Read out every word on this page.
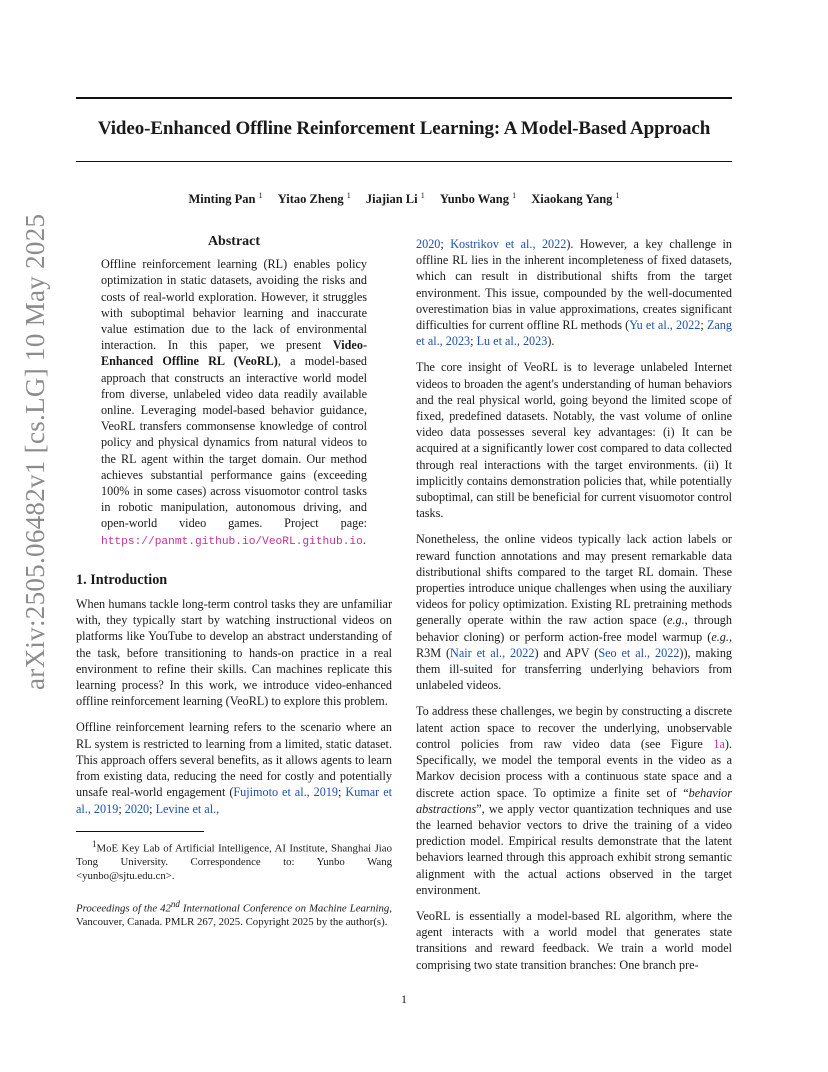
Video-Enhanced Offline Reinforcement Learning: A Model-Based Approach
Minting Pan $^1$ Yitao Zheng $^1$ Jiajian Li $^1$ Yunbo Wang $^1$ Xiaokang Yang $^1$
arXiv:2505.06482v1 [cs.LG] 10 May 2025	Abstract
Offline reinforcement learning (RL) enables policy optimization in static datasets, avoiding the risks and costs of real-world exploration. However, it struggles with suboptimal behavior learning and inaccurate value estimation due to the lack of environmental interaction. In this paper, we present Video-Enhanced Offline RL (VeoRL), a model-based approach that constructs an interactive world model from diverse, unlabeled video data readily available online. Leveraging model-based behavior guidance, VeoRL transfers commonsense knowledge of control policy and physical dynamics from natural videos to the RL agent within the target domain. Our method achieves substantial performance gains (exceeding 100% in some cases) across visuomotor control tasks in robotic manipulation, autonomous driving, and open-world video games. Project page: https://panmt.github.io/VeoRL.github.io.
1. Introduction

When humans tackle long-term control tasks they are unfamiliar with, they typically start by watching instructional videos on platforms like YouTube to develop an abstract understanding of the task, before transitioning to hands-on practice in a real environment to refine their skills. Can machines replicate this learning process? In this work, we introduce video-enhanced offline reinforcement learning (VeoRL) to explore this problem.

Offline reinforcement learning refers to the scenario where an RL system is restricted to learning from a limited, static dataset. This approach offers several benefits, as it allows agents to learn from existing data, reducing the need for costly and potentially unsafe real-world engagement (Fujimoto et al., 2019; Kumar et al., 2019; 2020; Levine et al.,

$^1$MoE Key Lab of Artificial Intelligence, AI Institute, Shanghai Jiao Tong University. Correspondence to: Yunbo Wang <yunbo@sjtu.edu.cn>.
Proceedings of the 42nd International Conference on Machine Learning, Vancouver, Canada. PMLR 267, 2025. Copyright 2025 by the author(s).

2020; Kostrikov et al., 2022). However, a key challenge in offline RL lies in the inherent incompleteness of fixed datasets, which can result in distributional shifts from the target environment. This issue, compounded by the well-documented overestimation bias in value approximations, creates significant difficulties for current offline RL methods (Yu et al., 2022; Zang et al., 2023; Lu et al., 2023).

The core insight of VeoRL is to leverage unlabeled Internet videos to broaden the agent's understanding of human behaviors and the real physical world, going beyond the limited scope of fixed, predefined datasets. Notably, the vast volume of online video data possesses several key advantages: (i) It can be acquired at a significantly lower cost compared to data collected through real interactions with the target environments. (ii) It implicitly contains demonstration policies that, while potentially suboptimal, can still be beneficial for current visuomotor control tasks.

Nonetheless, the online videos typically lack action labels or reward function annotations and may present remarkable data distributional shifts compared to the target RL domain. These properties introduce unique challenges when using the auxiliary videos for policy optimization. Existing RL pretraining methods generally operate within the raw action space (e.g., through behavior cloning) or perform action-free model warmup (e.g., R3M (Nair et al., 2022) and APV (Seo et al., 2022)), making them ill-suited for transferring underlying behaviors from unlabeled videos.

To address these challenges, we begin by constructing a discrete latent action space to recover the underlying, unobservable control policies from raw video data (see Figure 1a). Specifically, we model the temporal events in the video as a Markov decision process with a continuous state space and a discrete action space. To optimize a finite set of “behavior abstractions”, we apply vector quantization techniques and use the learned behavior vectors to drive the training of a video prediction model. Empirical results demonstrate that the latent behaviors learned through this approach exhibit strong semantic alignment with the actual actions observed in the target environment.

VeoRL is essentially a model-based RL algorithm, where the agent interacts with a world model that generates state transitions and reward feedback. We train a world model comprising two state transition branches: One branch pre-

1
